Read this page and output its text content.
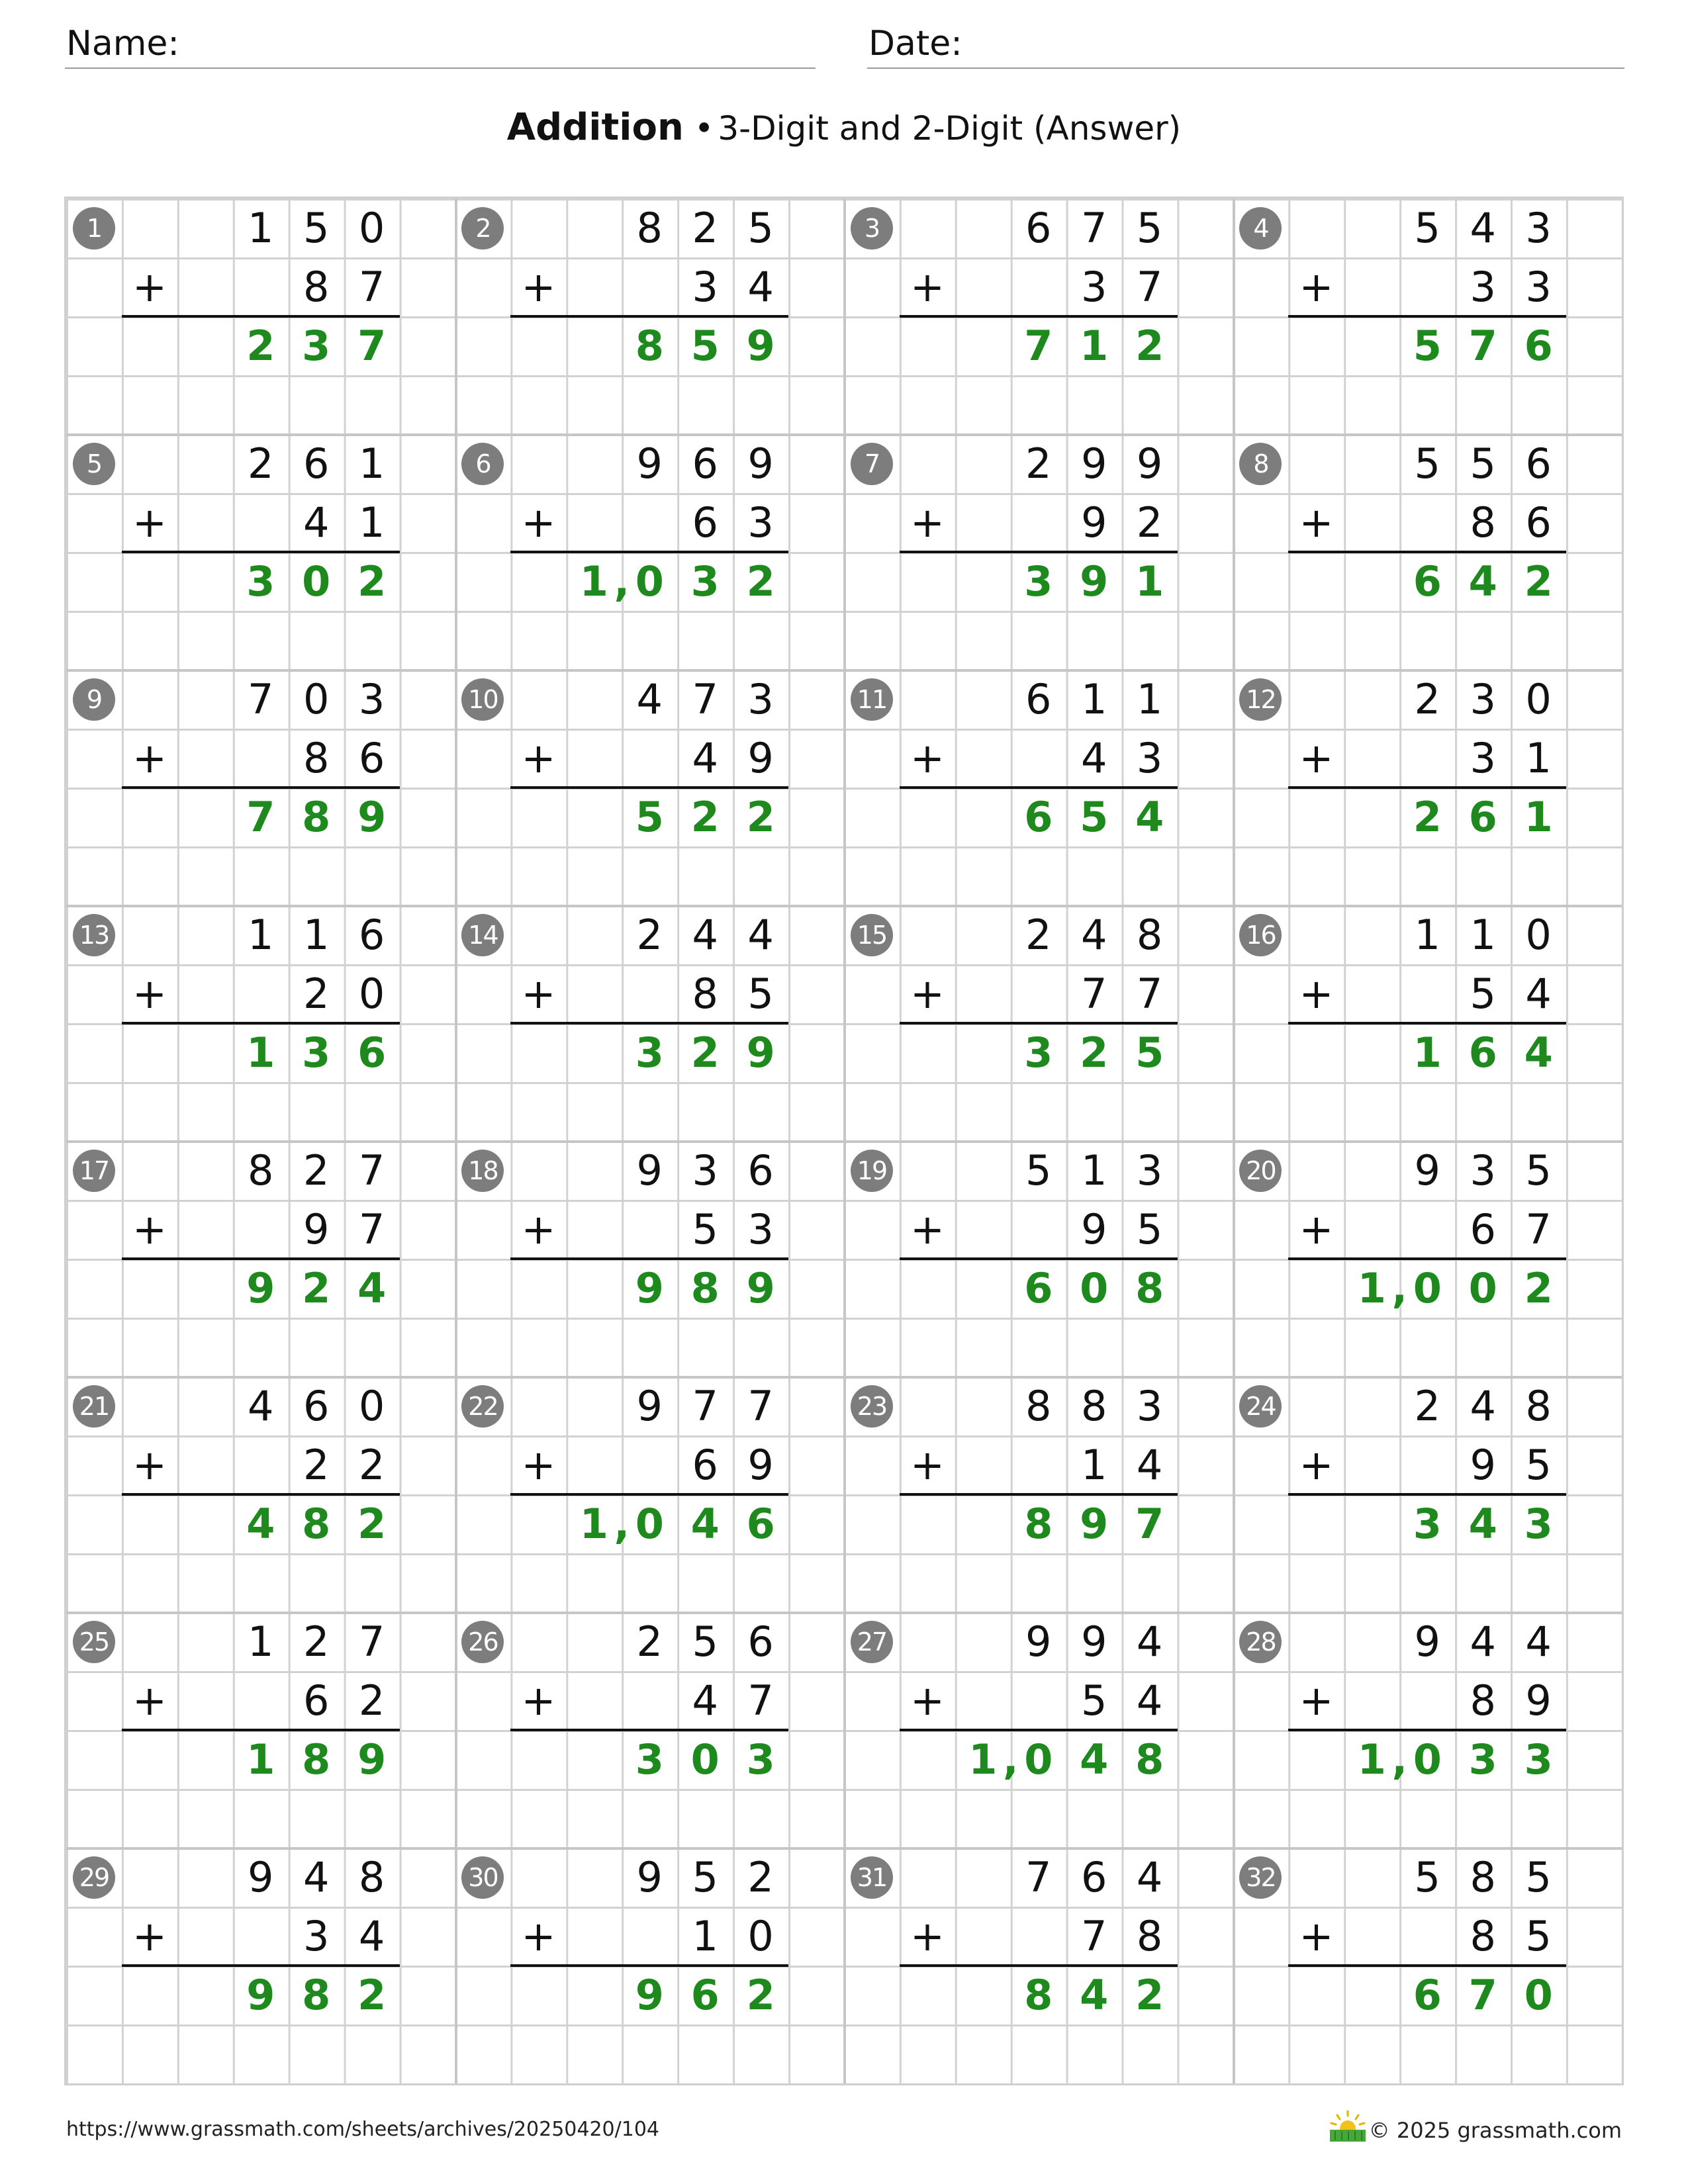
Name:	Date:
Addition • 3-Digit and 2-Digit (Answer)
1	1 5 0
+	8 7
2 3 7
2	8 2 5
+	3 4
8 5 9
3	6 7 5
+	3 7
7 1 2
4	5 4 3
+	3 3
5 7 6
5	2 6 1
+	4 1
3 0 2
6	9 6 9
+	6 3
1 , 0 3 2
7	2 9 9
+	9 2
3 9 1
8	5 5 6
+	8 6
6 4 2
9	7 0 3
+	8 6
7 8 9
10	4 7 3
+	4 9
5 2 2
11	6 1 1
+	4 3
6 5 4
12	2 3 0
+	3 1
2 6 1
13	1 1 6
+	2 0
1 3 6
14	2 4 4
+	8 5
3 2 9
15	2 4 8
+	7 7
3 2 5
16	1 1 0
+	5 4
1 6 4
17	8 2 7
+	9 7
9 2 4
18	9 3 6
+	5 3
9 8 9
19	5 1 3
+	9 5
6 0 8
20	9 3 5
+	6 7
1 , 0 0 2
21	4 6 0
+	2 2
4 8 2
22	9 7 7
+	6 9
1 , 0 4 6
23	8 8 3
+	1 4
8 9 7
24	2 4 8
+	9 5
3 4 3
25	1 2 7
+	6 2
1 8 9
26	2 5 6
+	4 7
3 0 3
27	9 9 4
+	5 4
1 , 0 4 8
28	9 4 4
+	8 9
1 , 0 3 3
29	9 4 8
+	3 4
9 8 2
30	9 5 2
+	1 0
9 6 2
31	7 6 4
+	7 8
8 4 2
32	5 8 5
+	8 5
6 7 0
https://www.grassmath.com/sheets/archives/20250420/104	© 2025 grassmath.com
